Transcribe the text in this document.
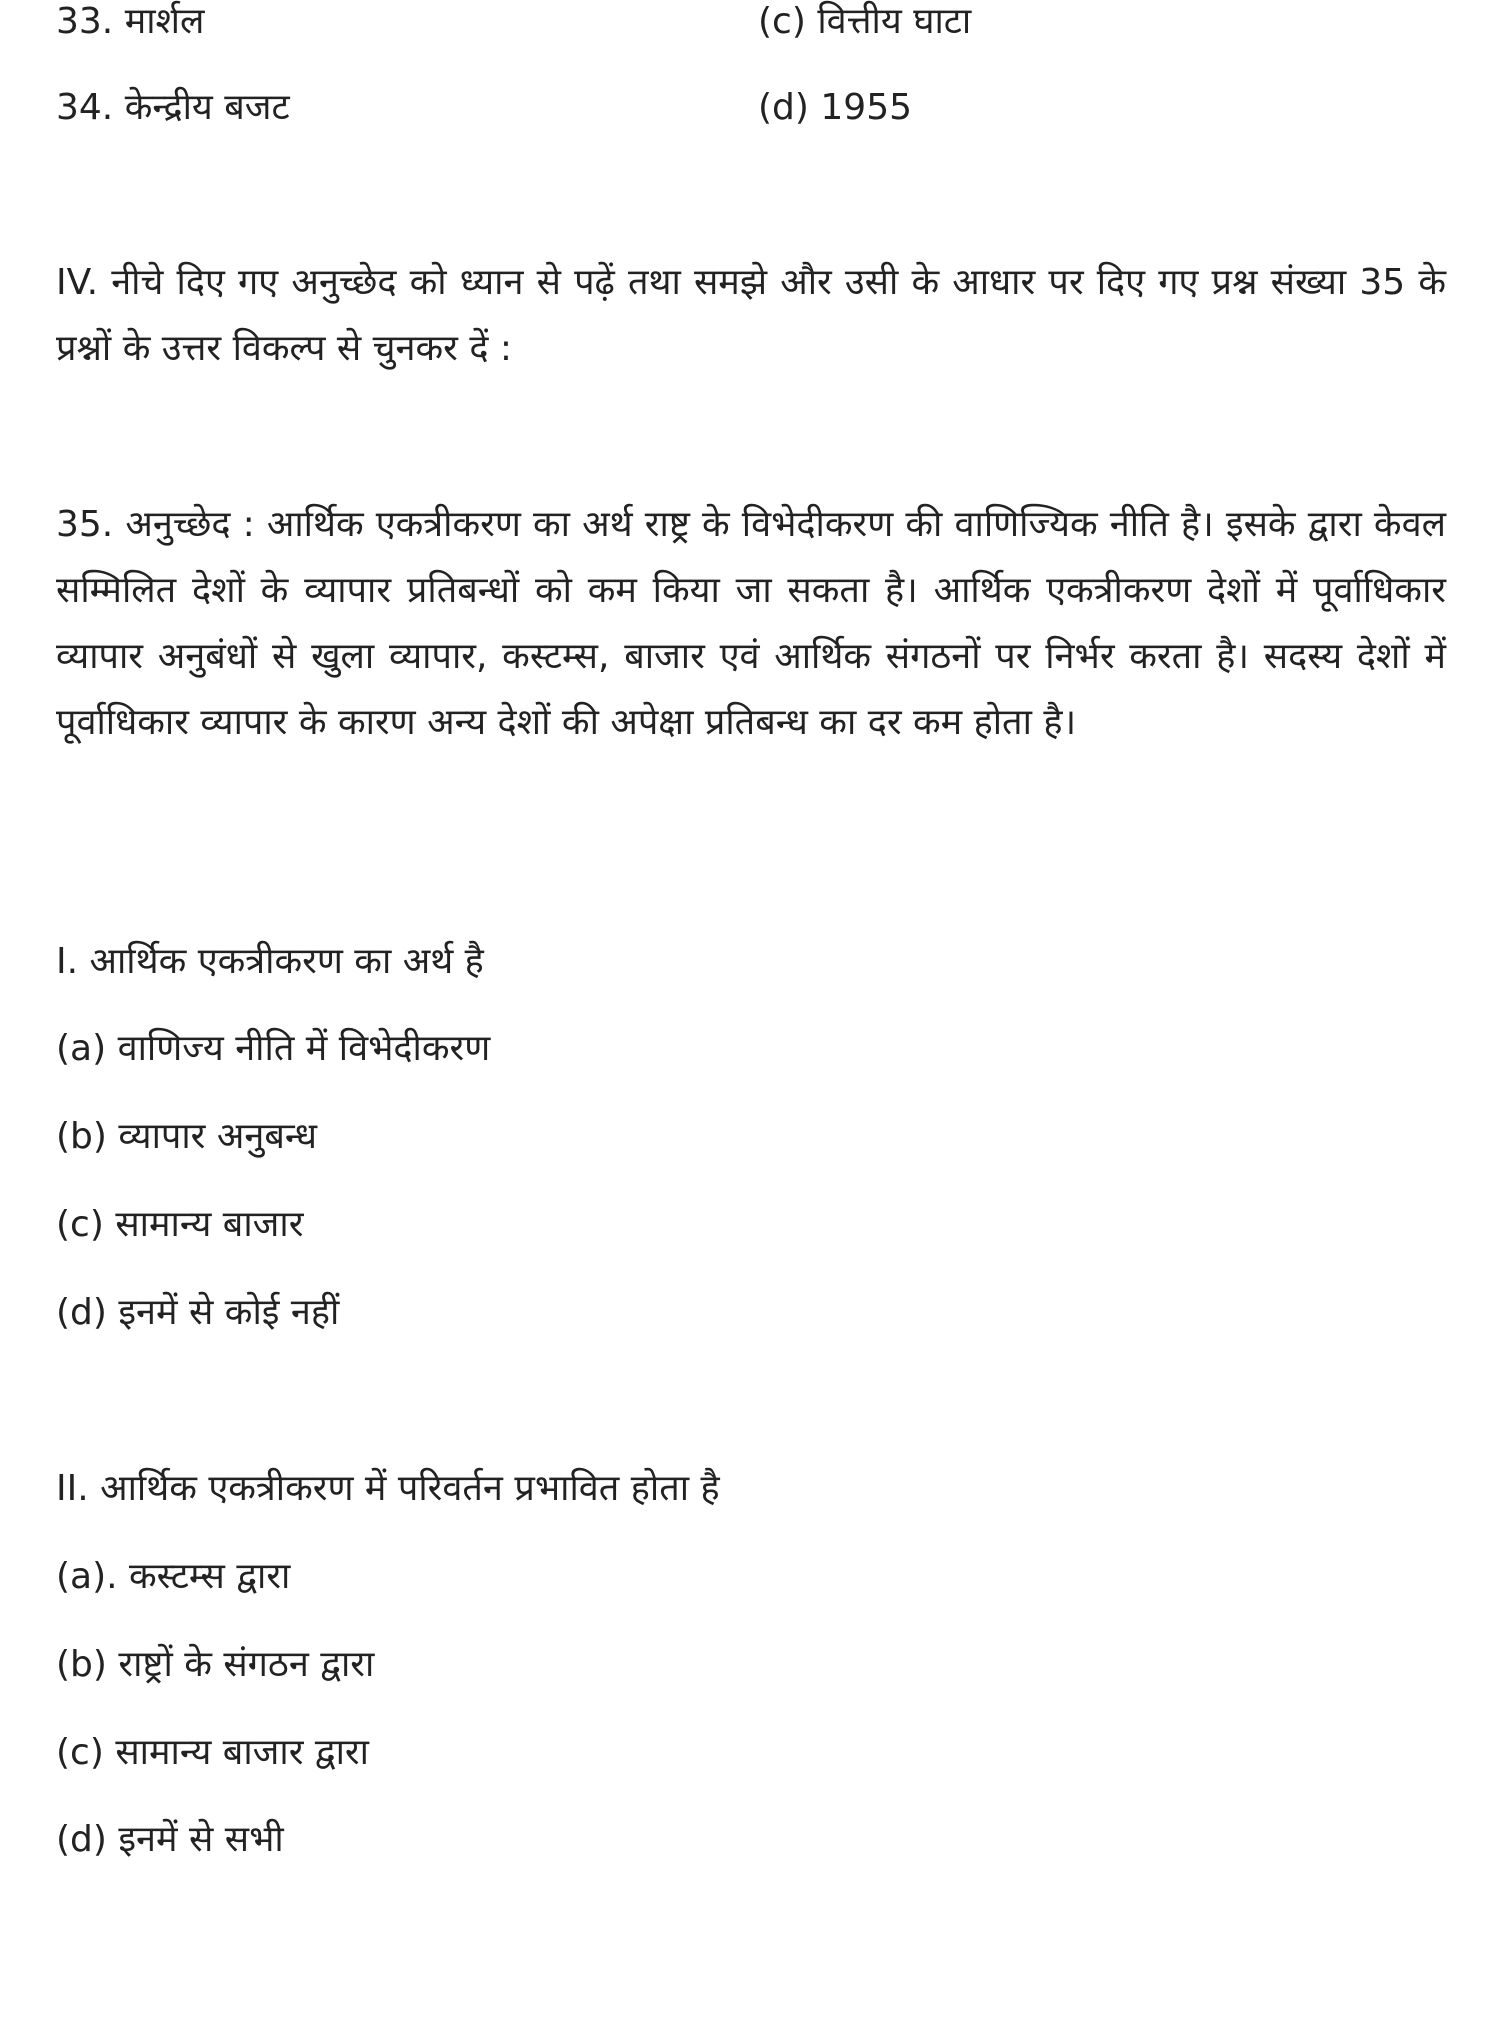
33. मार्शल	(c) वित्तीय घाटा
34. केन्द्रीय बजट	(d) 1955
IV. नीचे दिए गए अनुच्छेद को ध्यान से पढ़ें तथा समझे और उसी के आधार पर दिए गए प्रश्न संख्या 35 के प्रश्नों के उत्तर विकल्प से चुनकर दें :
35. अनुच्छेद : आर्थिक एकत्रीकरण का अर्थ राष्ट्र के विभेदीकरण की वाणिज्यिक नीति है। इसके द्वारा केवल सम्मिलित देशों के व्यापार प्रतिबन्धों को कम किया जा सकता है। आर्थिक एकत्रीकरण देशों में पूर्वाधिकार व्यापार अनुबंधों से खुला व्यापार, कस्टम्स, बाजार एवं आर्थिक संगठनों पर निर्भर करता है। सदस्य देशों में पूर्वाधिकार व्यापार के कारण अन्य देशों की अपेक्षा प्रतिबन्ध का दर कम होता है।
I. आर्थिक एकत्रीकरण का अर्थ है
(a) वाणिज्य नीति में विभेदीकरण
(b) व्यापार अनुबन्ध
(c) सामान्य बाजार
(d) इनमें से कोई नहीं
II. आर्थिक एकत्रीकरण में परिवर्तन प्रभावित होता है
(a). कस्टम्स द्वारा
(b) राष्ट्रों के संगठन द्वारा
(c) सामान्य बाजार द्वारा
(d) इनमें से सभी
